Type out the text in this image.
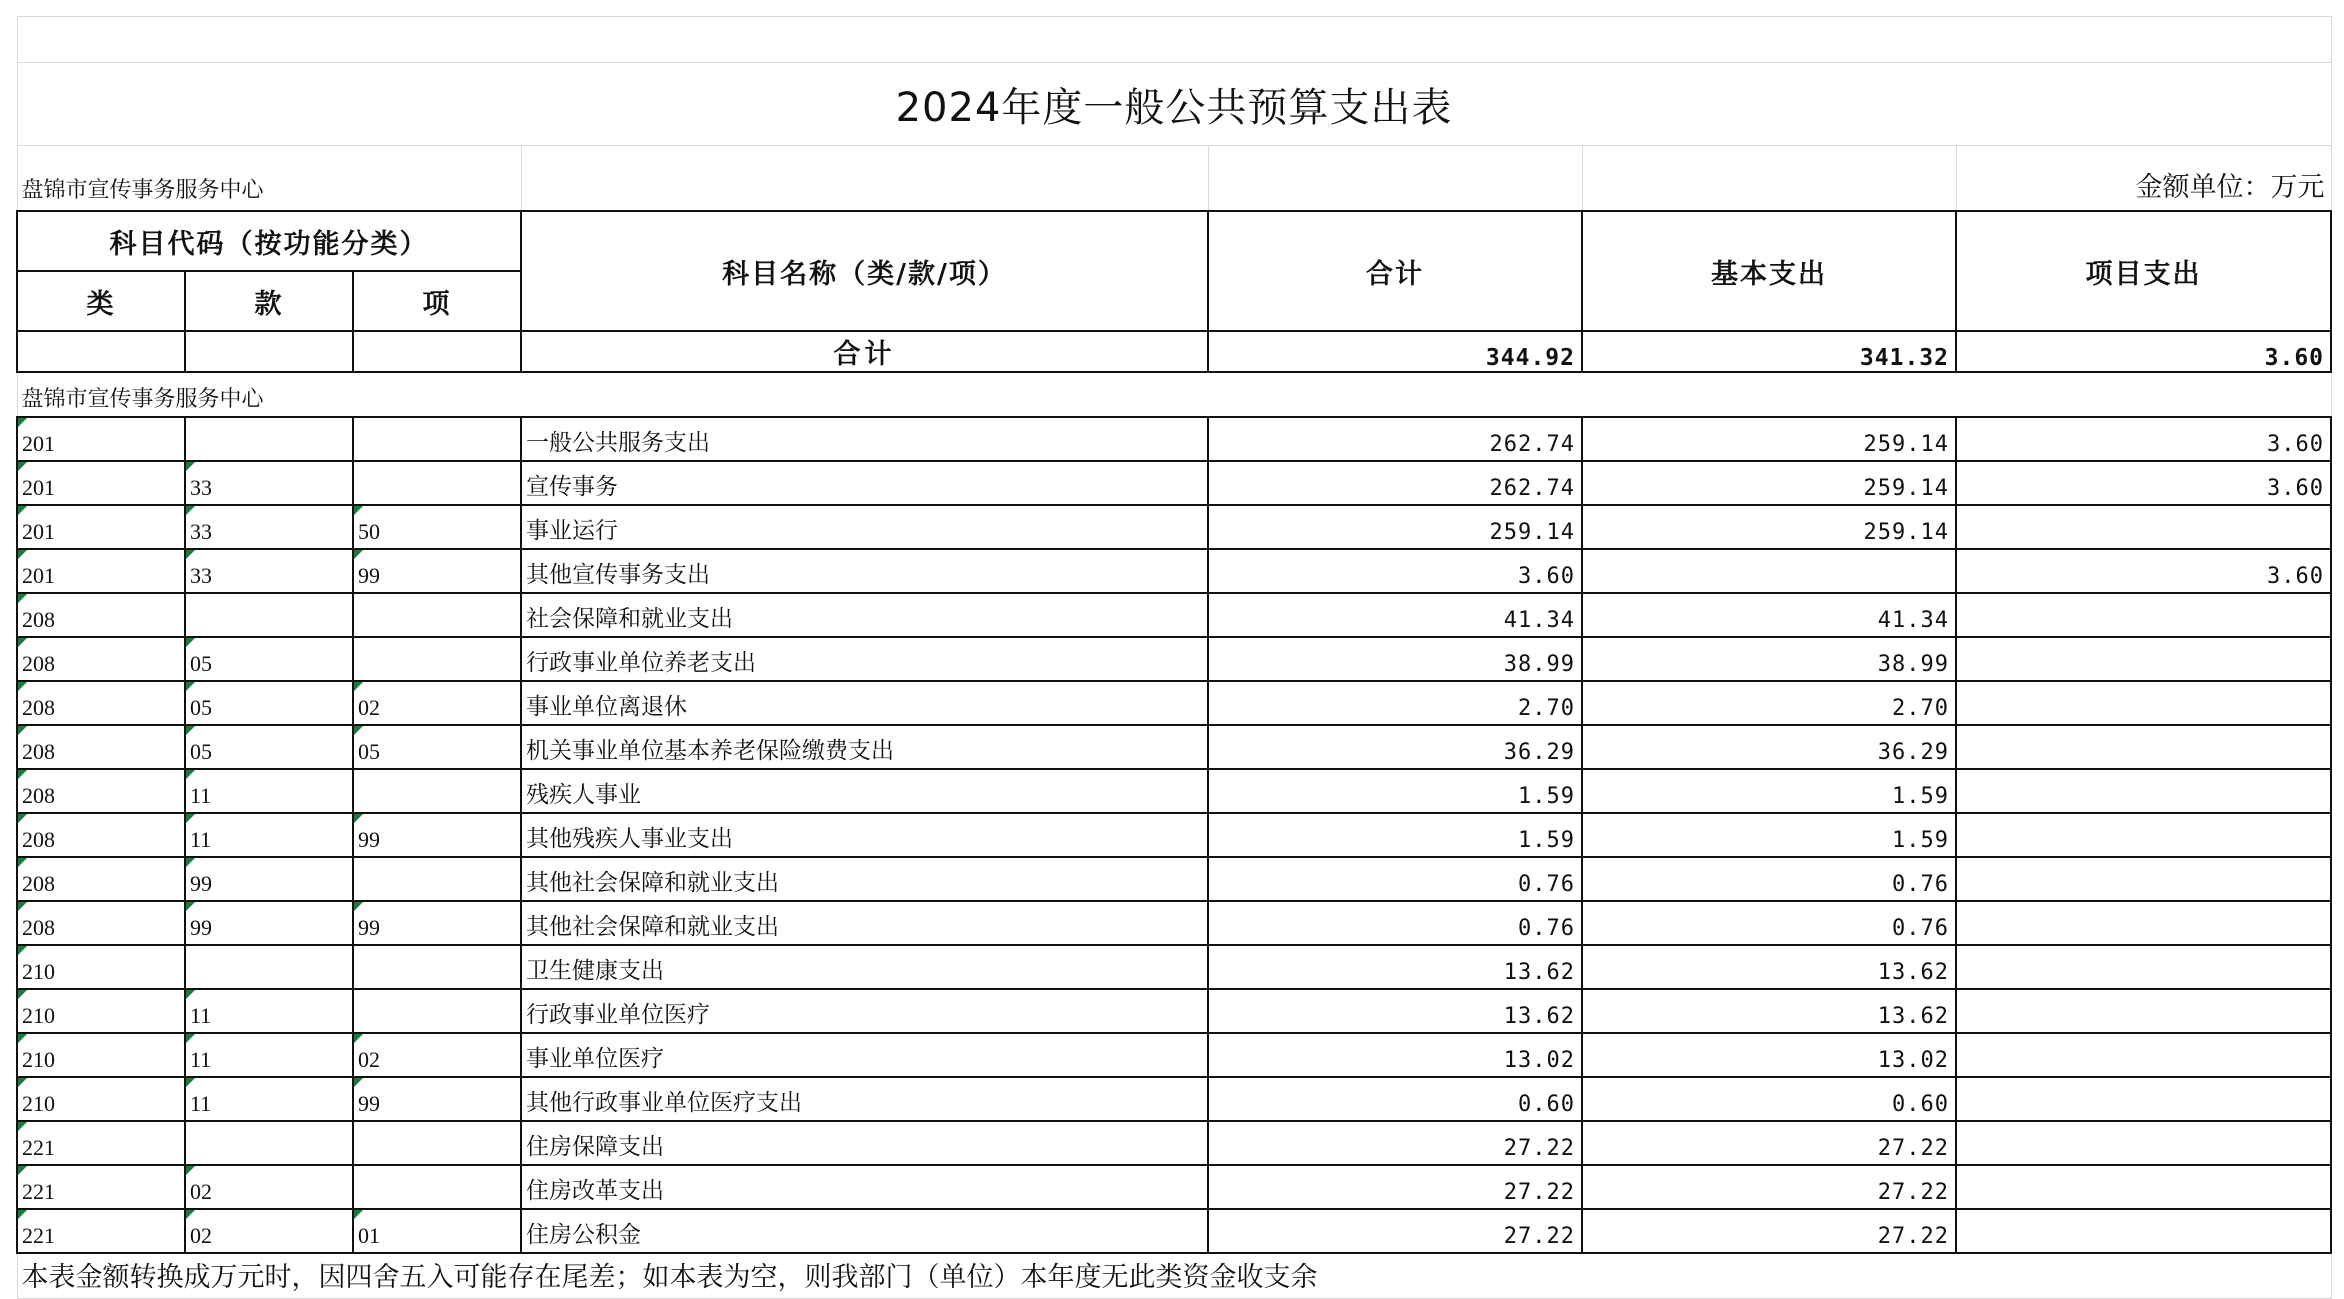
2024年度一般公共预算支出表						
盘锦市宣传事务服务中心						金额单位：万元
科目代码（按功能分类）			科目名称（类/款/项）	合计	基本支出	项目支出
类	款	项				
			合计	344.92	341.32	3.60
盘锦市宣传事务服务中心						

201			一般公共服务支出	262.74	259.14	3.60

201	33		宣传事务	262.74	259.14	3.60

201	33	50	事业运行	259.14	259.14	

201	33	99	其他宣传事务支出	3.60		3.60

208			社会保障和就业支出	41.34	41.34	

208	05		行政事业单位养老支出	38.99	38.99	

208	05	02	事业单位离退休	2.70	2.70	

208	05	05	机关事业单位基本养老保险缴费支出	36.29	36.29	

208	11		残疾人事业	1.59	1.59	

208	11	99	其他残疾人事业支出	1.59	1.59	

208	99		其他社会保障和就业支出	0.76	0.76	

208	99	99	其他社会保障和就业支出	0.76	0.76	

210			卫生健康支出	13.62	13.62	

210	11		行政事业单位医疗	13.62	13.62	

210	11	02	事业单位医疗	13.02	13.02	

210	11	99	其他行政事业单位医疗支出	0.60	0.60	

221			住房保障支出	27.22	27.22	

221	02		住房改革支出	27.22	27.22	

221	02	01	住房公积金	27.22	27.22	
本表金额转换成万元时，因四舍五入可能存在尾差；如本表为空，则我部门（单位）本年度无此类资金收支余						
